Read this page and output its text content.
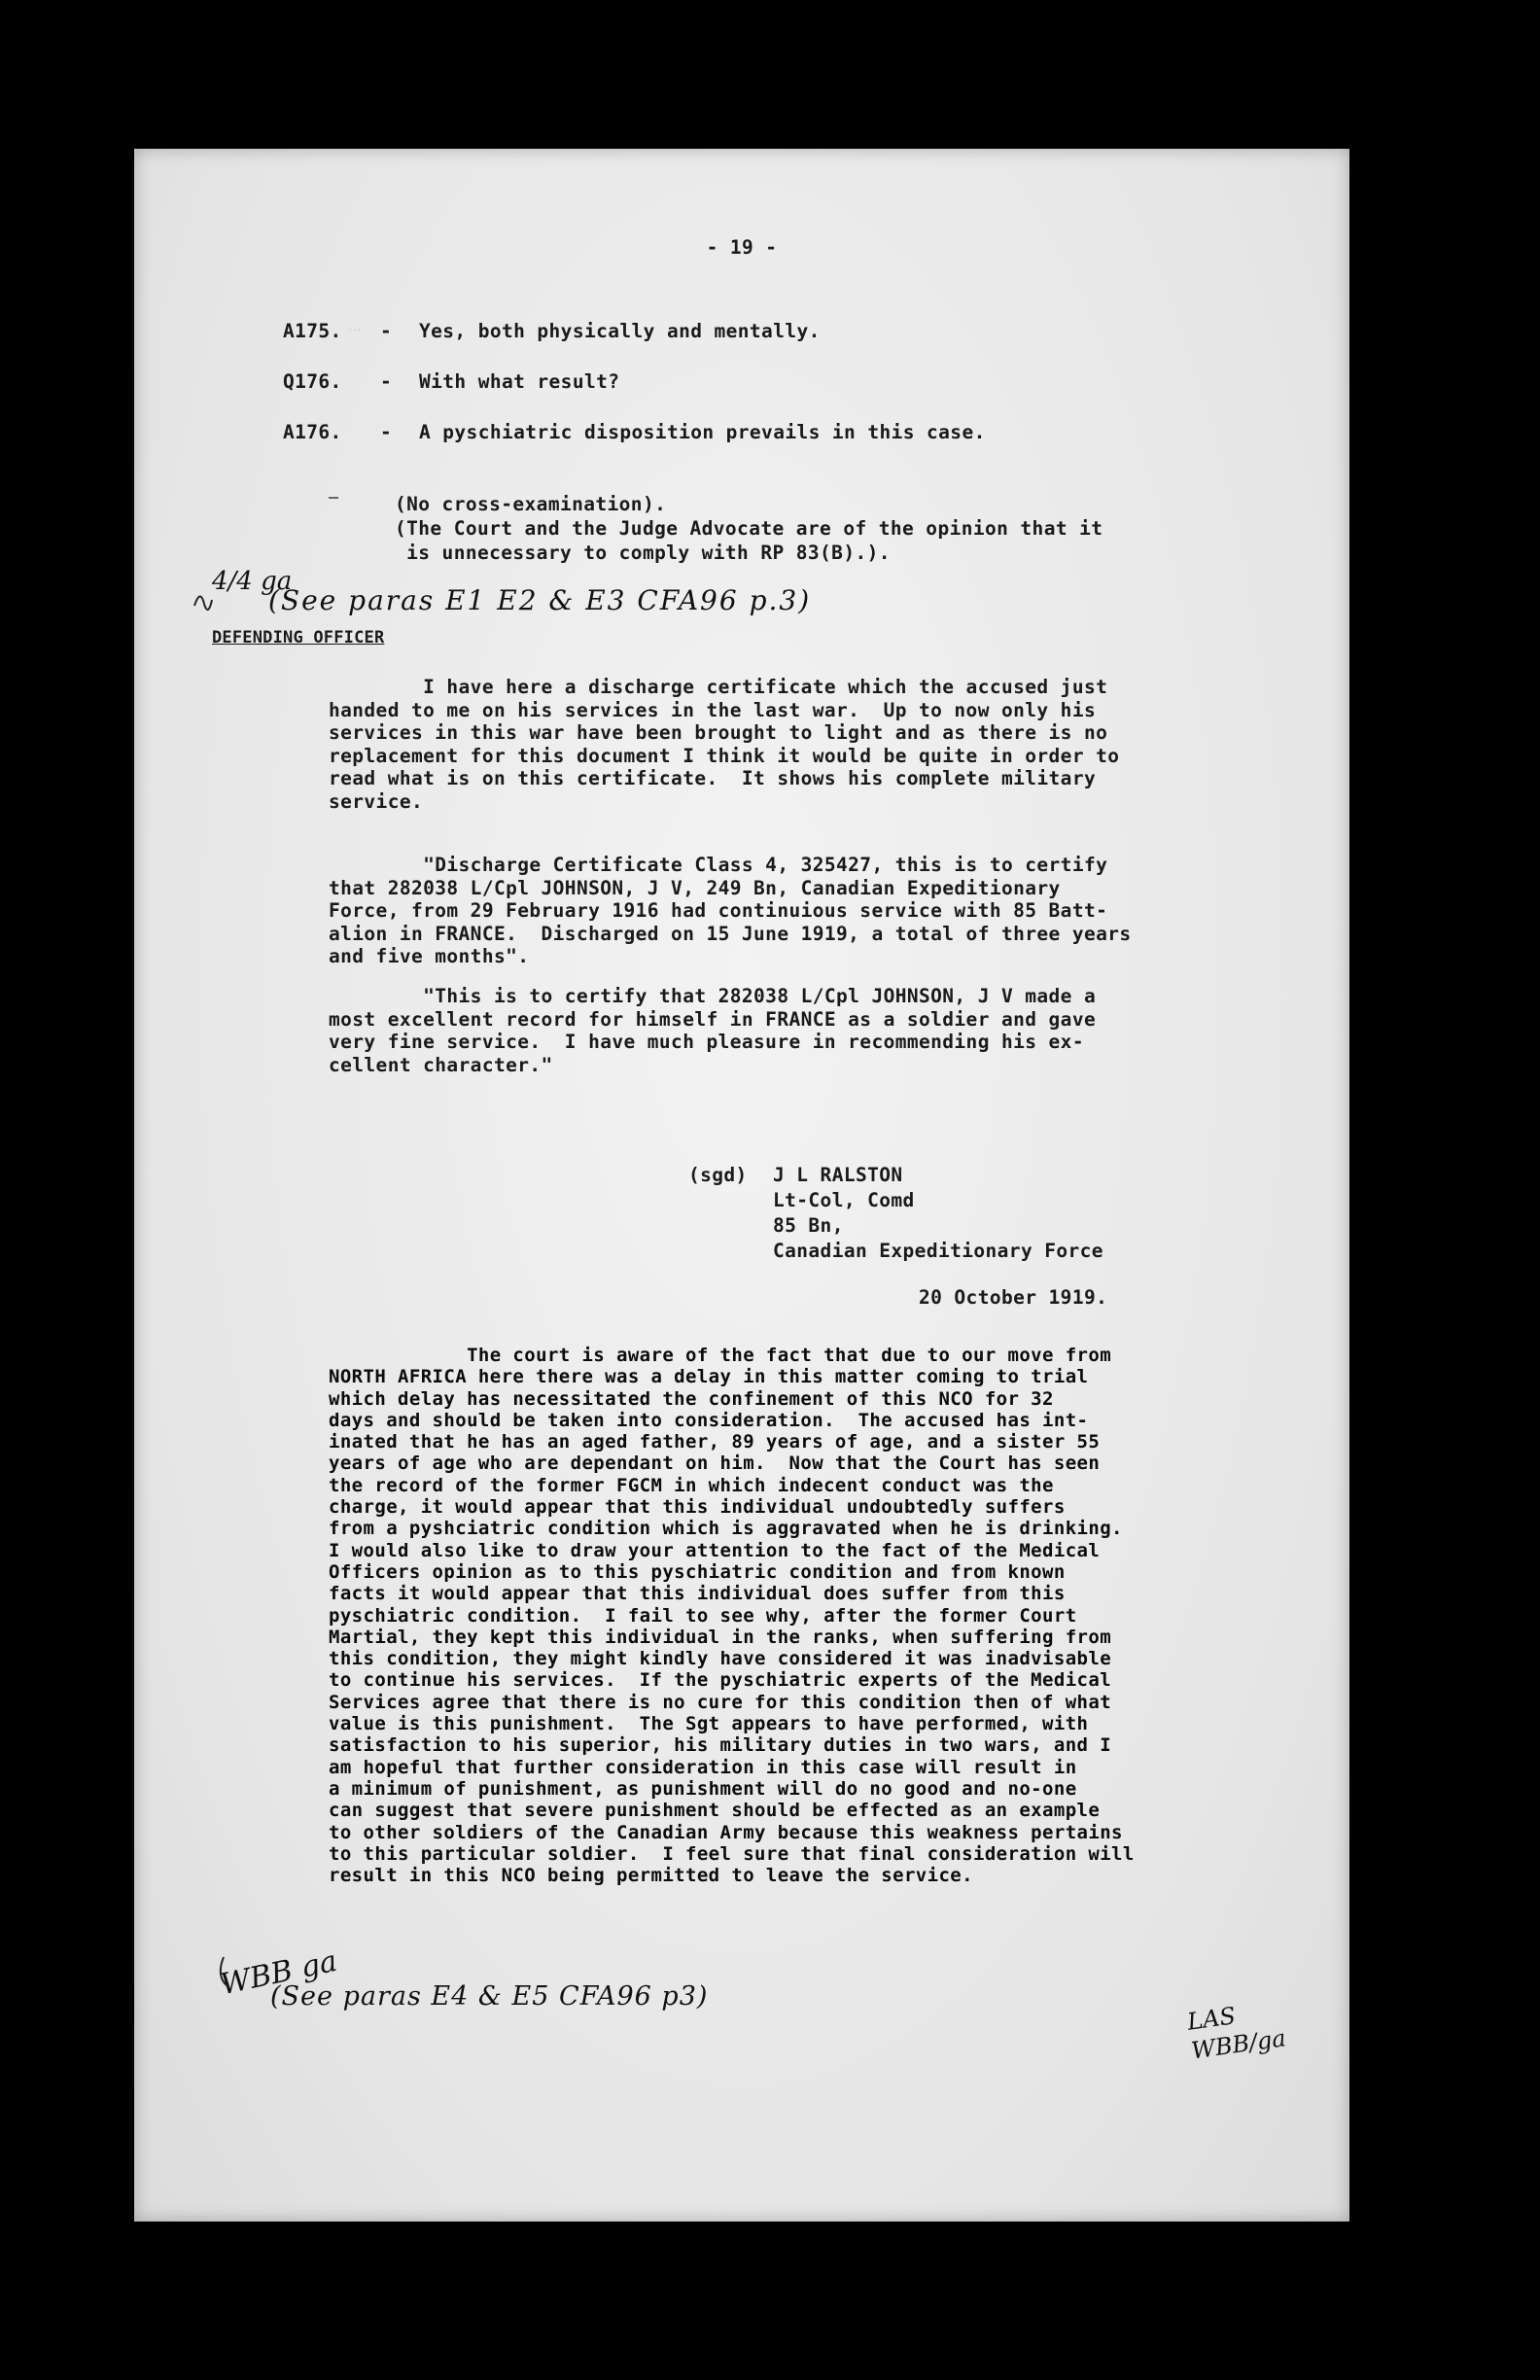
...
- 19 -
A175. - Yes, both physically and mentally.
Q176. - With what result?
A176. - A pyschiatric disposition prevails in this case.
(No cross-examination).
(The Court and the Judge Advocate are of the opinion that it
is unnecessary to comply with RP 83(B).).
4/4 ga
(See paras E1 E2 & E3 CFA96 p.3)
DEFENDING OFFICER
I have here a discharge certificate which the accused just
handed to me on his services in the last war.  Up to now only his
services in this war have been brought to light and as there is no
replacement for this document I think it would be quite in order to
read what is on this certificate.  It shows his complete military
service.
"Discharge Certificate Class 4, 325427, this is to certify
that 282038 L/Cpl JOHNSON, J V, 249 Bn, Canadian Expeditionary
Force, from 29 February 1916 had continuious service with 85 Batt-
alion in FRANCE.  Discharged on 15 June 1919, a total of three years
and five months".
"This is to certify that 282038 L/Cpl JOHNSON, J V made a
most excellent record for himself in FRANCE as a soldier and gave
very fine service.  I have much pleasure in recommending his ex-
cellent character."
(sgd) J L RALSTON
Lt-Col, Comd
85 Bn,
Canadian Expeditionary Force
20 October 1919.
The court is aware of the fact that due to our move from
NORTH AFRICA here there was a delay in this matter coming to trial
which delay has necessitated the confinement of this NCO for 32
days and should be taken into consideration.  The accused has int-
inated that he has an aged father, 89 years of age, and a sister 55
years of age who are dependant on him.  Now that the Court has seen
the record of the former FGCM in which indecent conduct was the
charge, it would appear that this individual undoubtedly suffers
from a pyshciatric condition which is aggravated when he is drinking.
I would also like to draw your attention to the fact of the Medical
Officers opinion as to this pyschiatric condition and from known
facts it would appear that this individual does suffer from this
pyschiatric condition.  I fail to see why, after the former Court
Martial, they kept this individual in the ranks, when suffering from
this condition, they might kindly have considered it was inadvisable
to continue his services.  If the pyschiatric experts of the Medical
Services agree that there is no cure for this condition then of what
value is this punishment.  The Sgt appears to have performed, with
satisfaction to his superior, his military duties in two wars, and I
am hopeful that further consideration in this case will result in
a minimum of punishment, as punishment will do no good and no-one
can suggest that severe punishment should be effected as an example
to other soldiers of the Canadian Army because this weakness pertains
to this particular soldier.  I feel sure that final consideration will
result in this NCO being permitted to leave the service.
WBB ga
(See paras E4 & E5 CFA96 p3)
LAS
WBB/ga
